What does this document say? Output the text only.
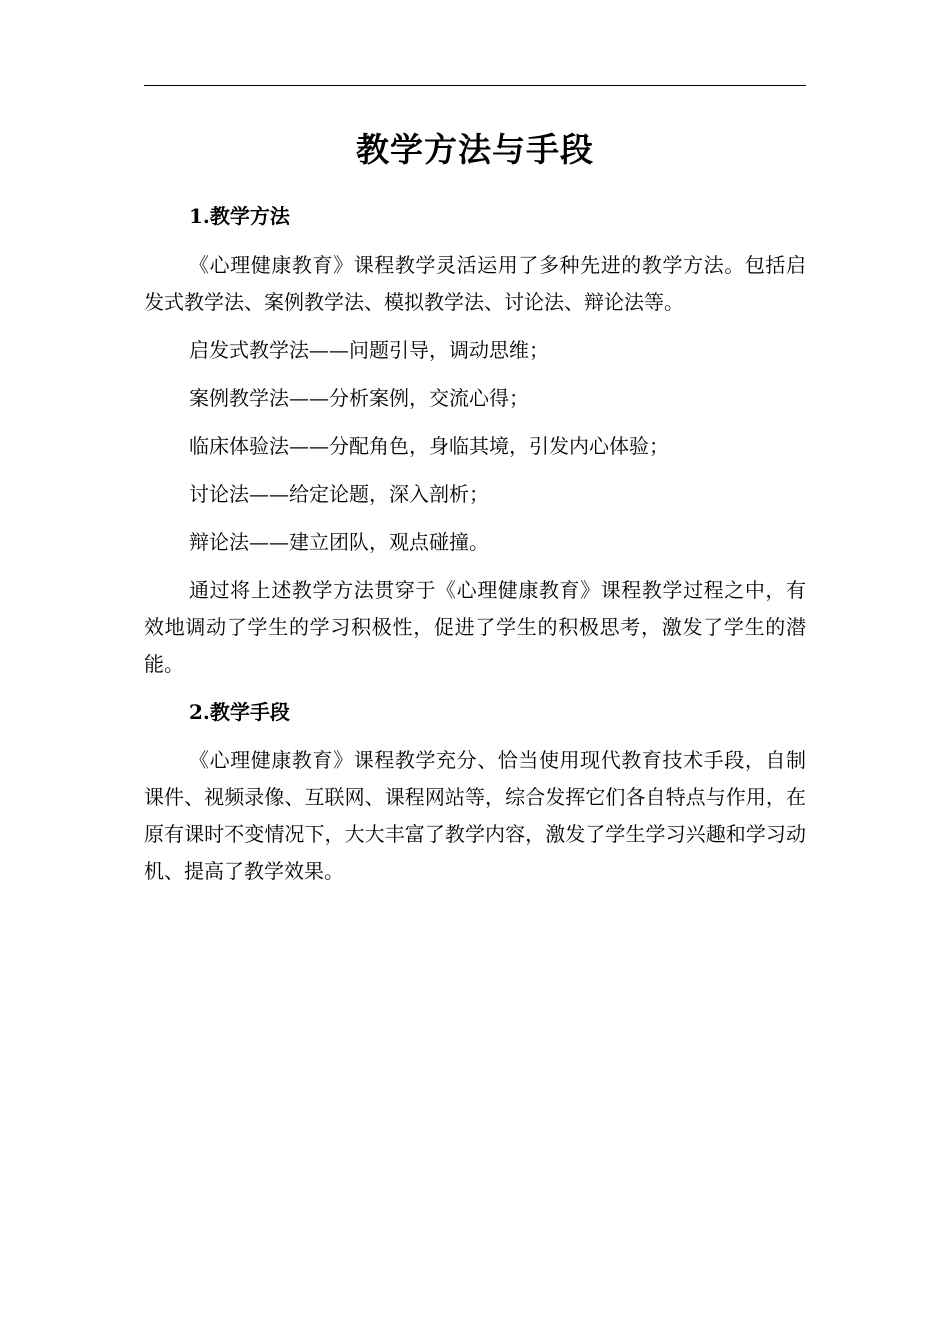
教学方法与手段

1.教学方法

《心理健康教育》课程教学灵活运用了多种先进的教学方法。包括启发式教学法、案例教学法、模拟教学法、讨论法、辩论法等。

启发式教学法——问题引导，调动思维；

案例教学法——分析案例，交流心得；

临床体验法——分配角色，身临其境，引发内心体验；

讨论法——给定论题，深入剖析；

辩论法——建立团队，观点碰撞。

通过将上述教学方法贯穿于《心理健康教育》课程教学过程之中，有效地调动了学生的学习积极性，促进了学生的积极思考，激发了学生的潜能。

2.教学手段

《心理健康教育》课程教学充分、恰当使用现代教育技术手段，自制课件、视频录像、互联网、课程网站等，综合发挥它们各自特点与作用，在原有课时不变情况下，大大丰富了教学内容，激发了学生学习兴趣和学习动机、提高了教学效果。
